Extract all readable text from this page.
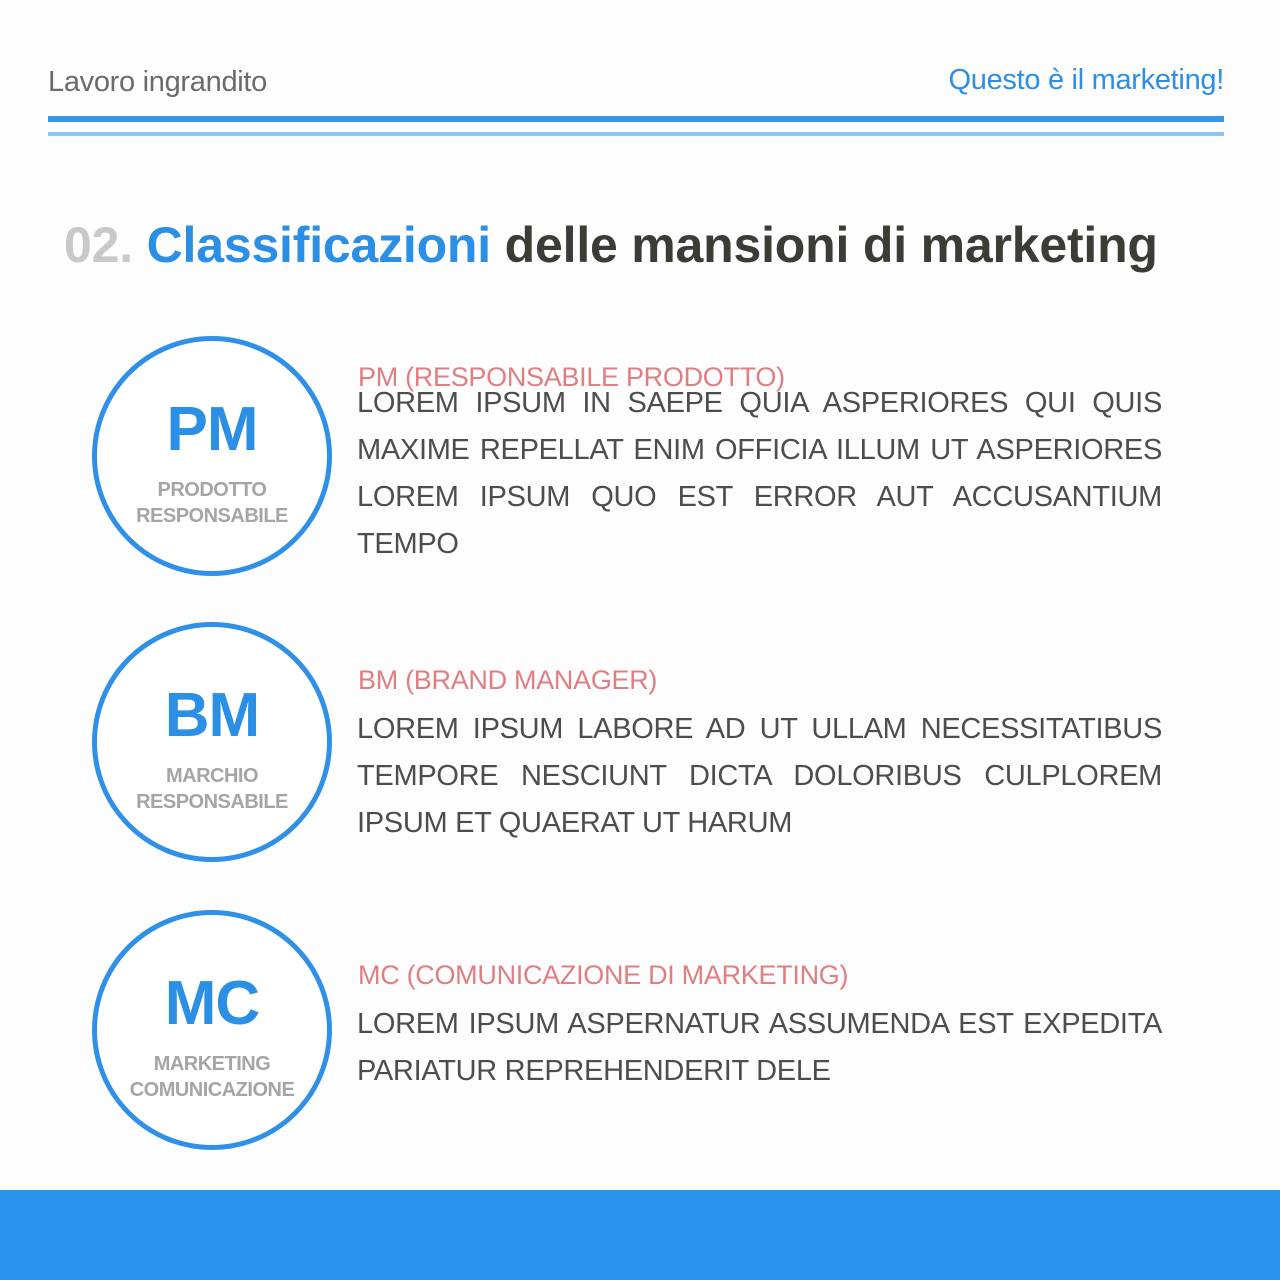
Lavoro ingrandito	Questo è il marketing!
02. Classificazioni delle mansioni di marketing
PM
PRODOTTO
RESPONSABILE
PM (RESPONSABILE PRODOTTO)
LOREM IPSUM IN SAEPE QUIA ASPERIORES QUI QUIS MAXIME REPELLAT ENIM OFFICIA ILLUM UT ASPERIORES LOREM IPSUM QUO EST ERROR AUT ACCUSANTIUM TEMPO
BM
MARCHIO
RESPONSABILE
BM (BRAND MANAGER)
LOREM IPSUM LABORE AD UT ULLAM NECESSITATIBUS TEMPORE NESCIUNT DICTA DOLORIBUS CULPLOREM IPSUM ET QUAERAT UT HARUM
MC
MARKETING
COMUNICAZIONE
MC (COMUNICAZIONE DI MARKETING)
LOREM IPSUM ASPERNATUR ASSUMENDA EST EXPEDITA PARIATUR REPREHENDERIT DELE
